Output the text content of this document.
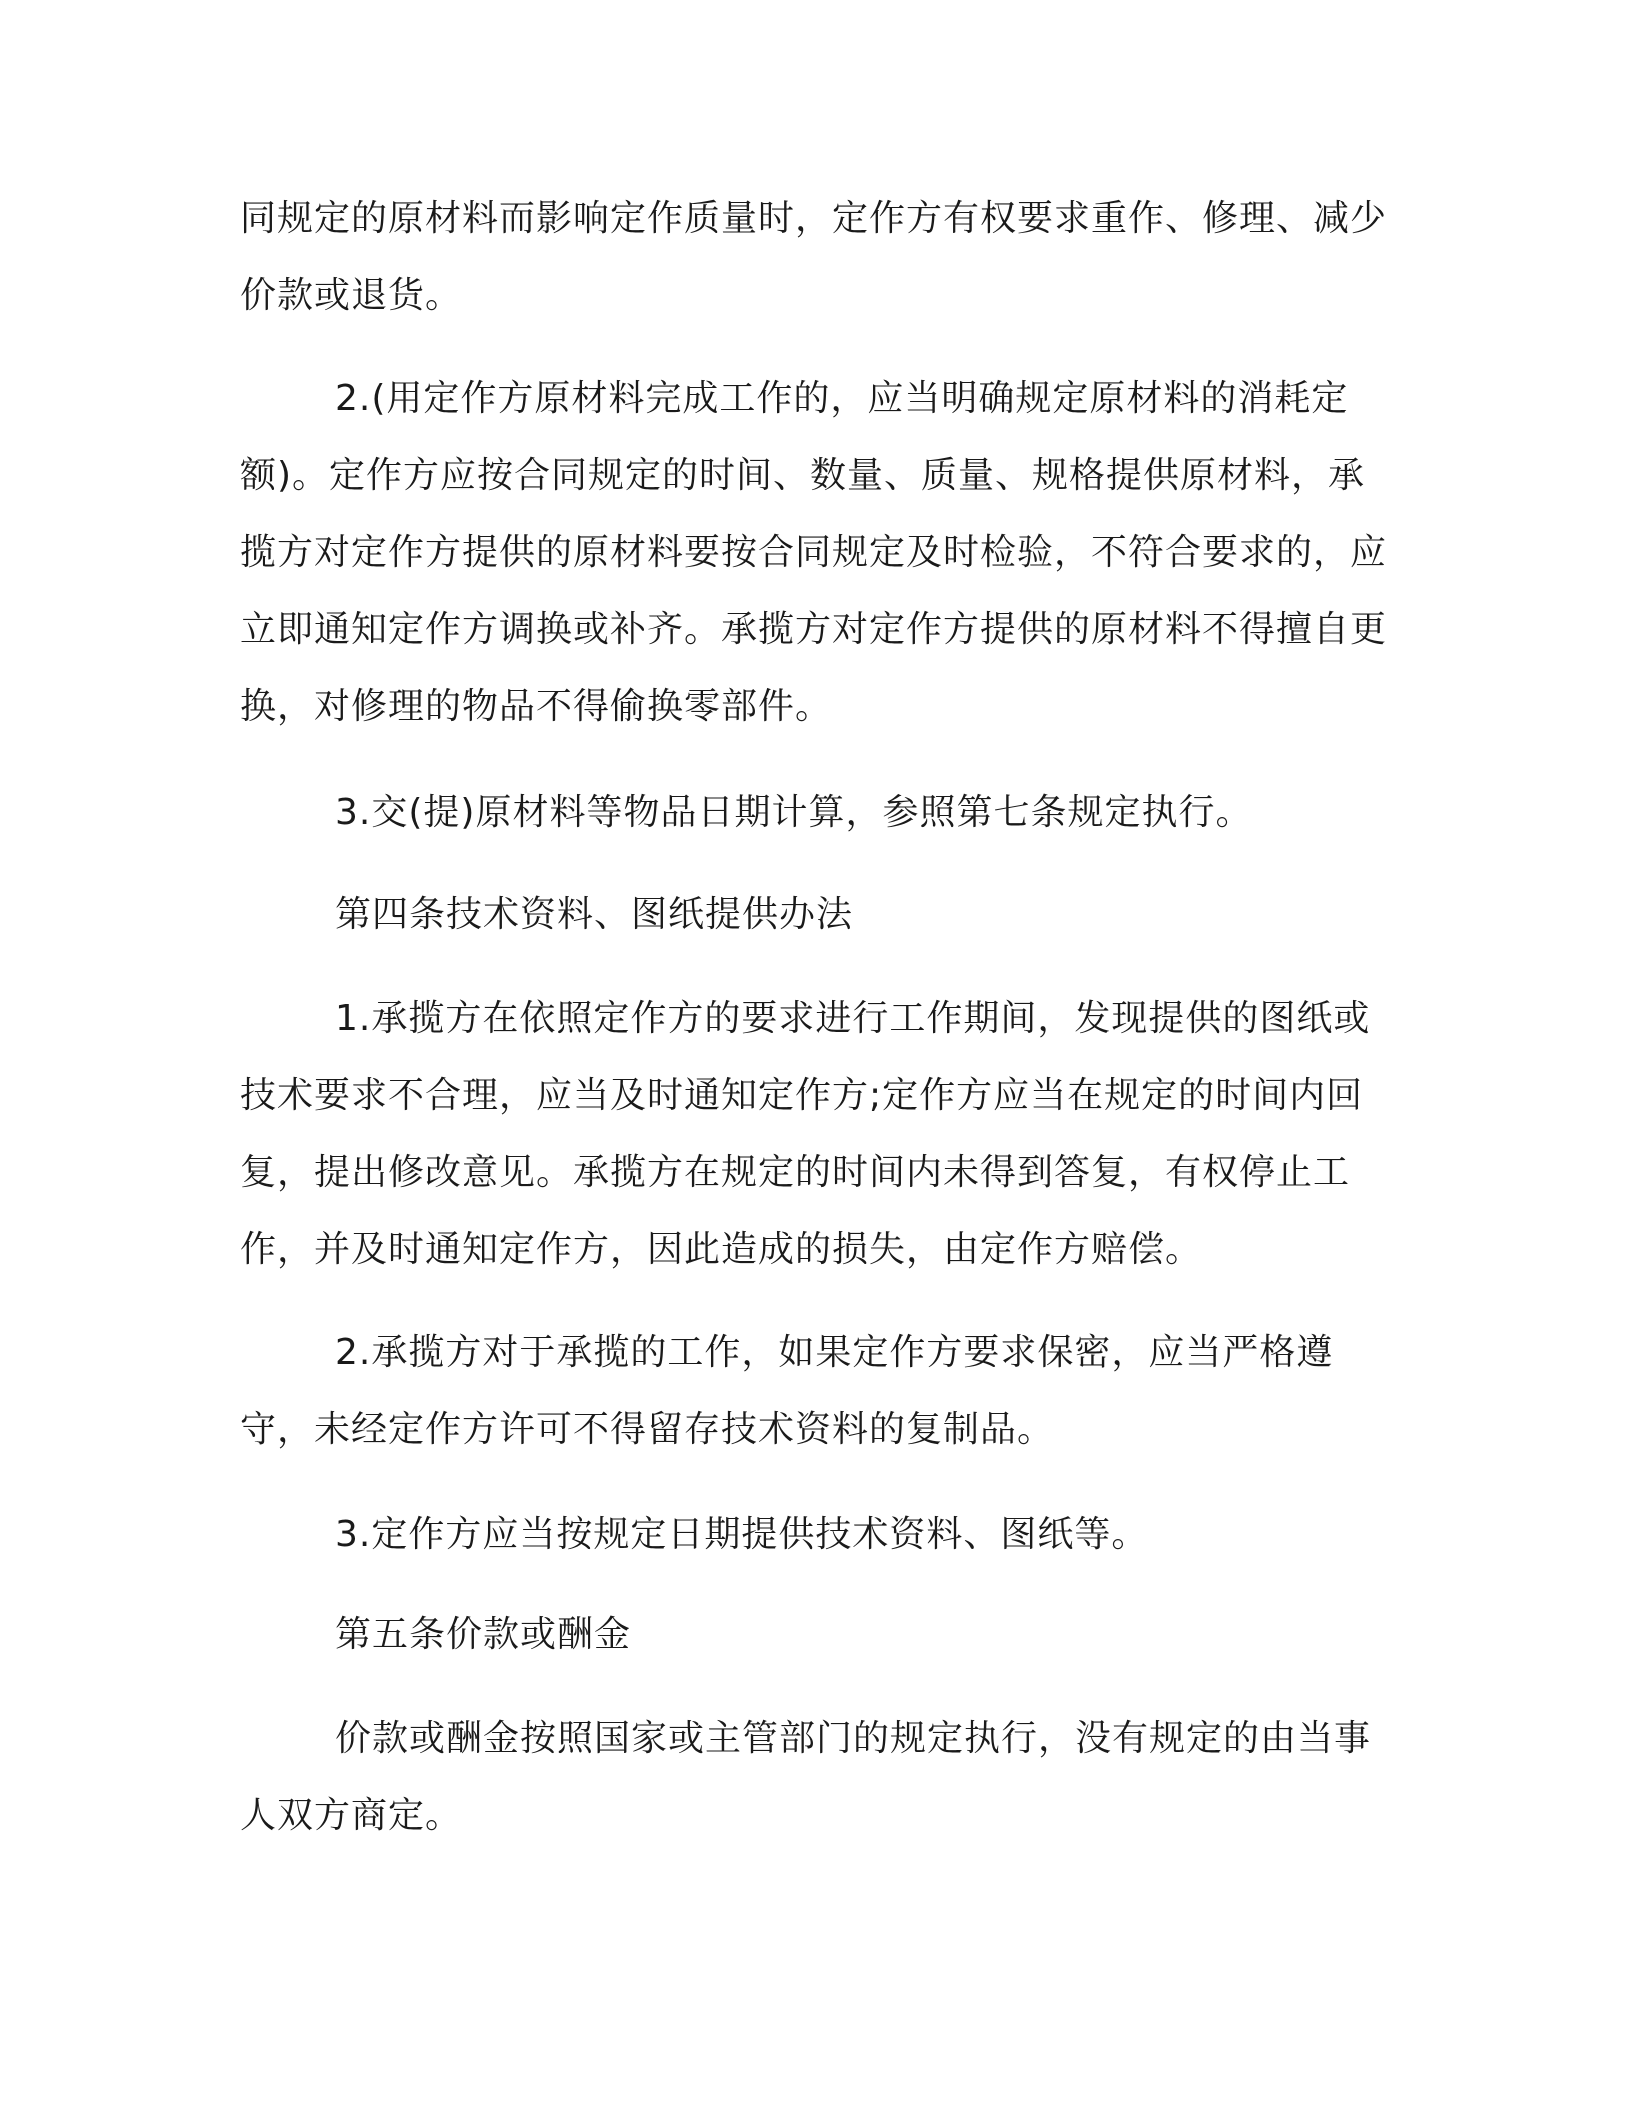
同规定的原材料而影响定作质量时，定作方有权要求重作、修理、减少价款或退货。

2.(用定作方原材料完成工作的，应当明确规定原材料的消耗定额)。定作方应按合同规定的时间、数量、质量、规格提供原材料，承揽方对定作方提供的原材料要按合同规定及时检验，不符合要求的，应立即通知定作方调换或补齐。承揽方对定作方提供的原材料不得擅自更换，对修理的物品不得偷换零部件。

3.交(提)原材料等物品日期计算，参照第七条规定执行。

第四条技术资料、图纸提供办法

1.承揽方在依照定作方的要求进行工作期间，发现提供的图纸或技术要求不合理，应当及时通知定作方;定作方应当在规定的时间内回复，提出修改意见。承揽方在规定的时间内未得到答复，有权停止工作，并及时通知定作方，因此造成的损失，由定作方赔偿。

2.承揽方对于承揽的工作，如果定作方要求保密，应当严格遵守，未经定作方许可不得留存技术资料的复制品。

3.定作方应当按规定日期提供技术资料、图纸等。

第五条价款或酬金

价款或酬金按照国家或主管部门的规定执行，没有规定的由当事人双方商定。
